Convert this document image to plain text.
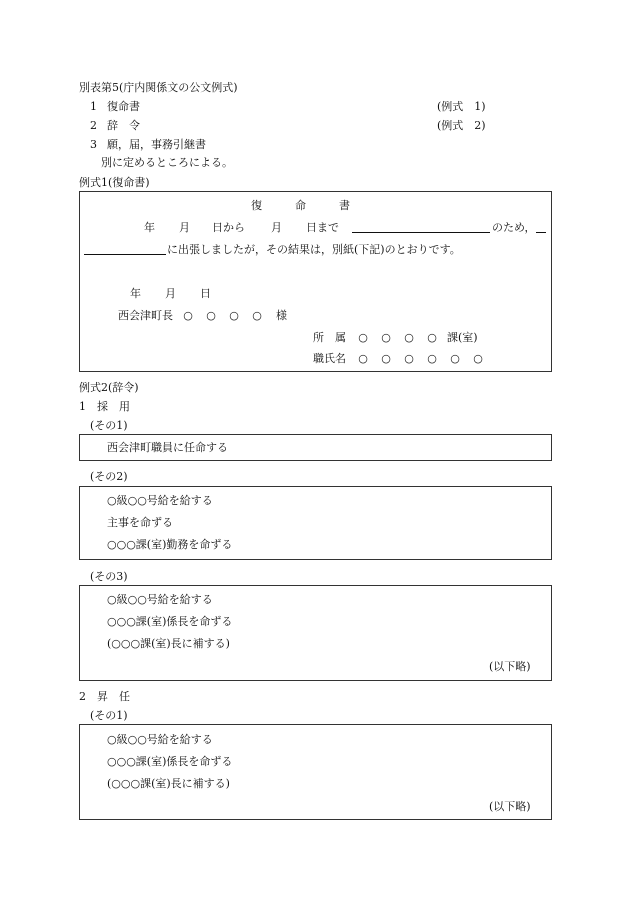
別表第5(庁内関係文の公文例式)
1 復命書	(例式　1)
2 辞　令	(例式　2)
3 願，届，事務引継書
別に定めるところによる。
例式1(復命書)
復　　　命　　　書
年 月 日から 月 日まで	のため，
に出張しましたが，その結果は，別紙(下記)のとおりです。
年 月 日
西会津町長 ○ ○ ○ ○ 様
所　属 ○ ○ ○ ○ 課(室)
職氏名 ○ ○ ○ ○ ○ ○
例式2(辞令)
1　採　用
(その1)
西会津町職員に任命する
(その2)
○級○○号給を給する
主事を命ずる
○○○課(室)勤務を命ずる
(その3)
○級○○号給を給する
○○○課(室)係長を命ずる
(○○○課(室)長に補する)
(以下略)
2　昇　任
(その1)
○級○○号給を給する
○○○課(室)係長を命ずる
(○○○課(室)長に補する)
(以下略)
